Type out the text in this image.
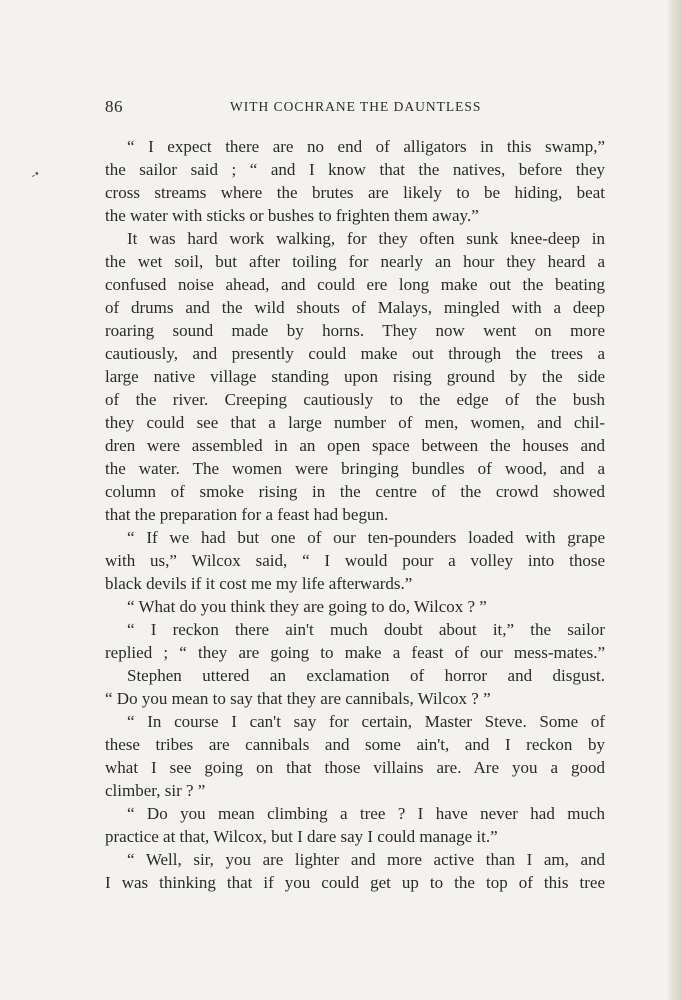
86	WITH COCHRANE THE DAUNTLESS
-•
“ I expect there are no end of alligators in this swamp,”
the sailor said ; “ and I know that the natives, before they
cross streams where the brutes are likely to be hiding, beat
the water with sticks or bushes to frighten them away.”
It was hard work walking, for they often sunk knee-deep in
the wet soil, but after toiling for nearly an hour they heard a
confused noise ahead, and could ere long make out the beating
of drums and the wild shouts of Malays, mingled with a deep
roaring sound made by horns. They now went on more
cautiously, and presently could make out through the trees a
large native village standing upon rising ground by the side
of the river. Creeping cautiously to the edge of the bush
they could see that a large number of men, women, and chil-
dren were assembled in an open space between the houses and
the water. The women were bringing bundles of wood, and a
column of smoke rising in the centre of the crowd showed
that the preparation for a feast had begun.
“ If we had but one of our ten-pounders loaded with grape
with us,” Wilcox said, “ I would pour a volley into those
black devils if it cost me my life afterwards.”
“ What do you think they are going to do, Wilcox ? ”
“ I reckon there ain't much doubt about it,” the sailor
replied ; “ they are going to make a feast of our mess-mates.”
Stephen uttered an exclamation of horror and disgust.
“ Do you mean to say that they are cannibals, Wilcox ? ”
“ In course I can't say for certain, Master Steve. Some of
these tribes are cannibals and some ain't, and I reckon by
what I see going on that those villains are. Are you a good
climber, sir ? ”
“ Do you mean climbing a tree ? I have never had much
practice at that, Wilcox, but I dare say I could manage it.”
“ Well, sir, you are lighter and more active than I am, and
I was thinking that if you could get up to the top of this tree
